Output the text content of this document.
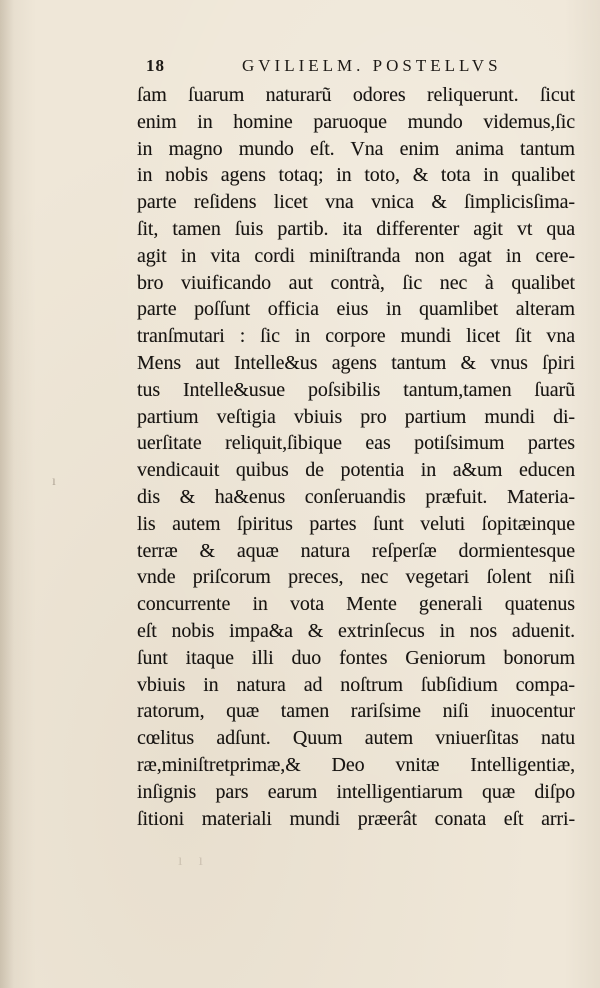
18	GVILIELM. POSTELLVS
ſam ſuarum naturarũ odores reliquerunt. ſicut
enim in homine paruoque mundo videmus,ſic
in magno mundo eſt. Vna enim anima tantum
in nobis agens totaq; in toto, & tota in qualibet
parte reſidens licet vna vnica & ſimplicisſima-
ſit, tamen ſuis partib. ita differenter agit vt qua
agit in vita cordi miniſtranda non agat in cere-
bro viuificando aut contrà, ſic nec à qualibet
parte poſſunt officia eius in quamlibet alteram
tranſmutari : ſic in corpore mundi licet ſit vna
Mens aut Intelle&us agens tantum & vnus ſpiri
tus Intelle&usue poſsibilis tantum,tamen ſuarũ
partium veſtigia vbiuis pro partium mundi di-
uerſitate reliquit,ſibique eas potiſsimum partes
vendicauit quibus de potentia in a&um educen
dis & ha&enus conſeruandis præfuit. Materia-
lis autem ſpiritus partes ſunt veluti ſopitæinque
terræ & aquæ natura reſperſæ dormientesque
vnde priſcorum preces, nec vegetari ſolent niſi
concurrente in vota Mente generali quatenus
eſt nobis impa&a & extrinſecus in nos aduenit.
ſunt itaque illi duo fontes Geniorum bonorum
vbiuis in natura ad noſtrum ſubſidium compa-
ratorum, quæ tamen rariſsime niſi inuocentur
cœlitus adſunt. Quum autem vniuerſitas natu
ræ,miniſtretprimæ,& Deo vnitæ Intelligentiæ,
inſignis pars earum intelligentiarum quæ diſpo
ſitioni materiali mundi præerât conata eſt arri-
ı
ı ı
